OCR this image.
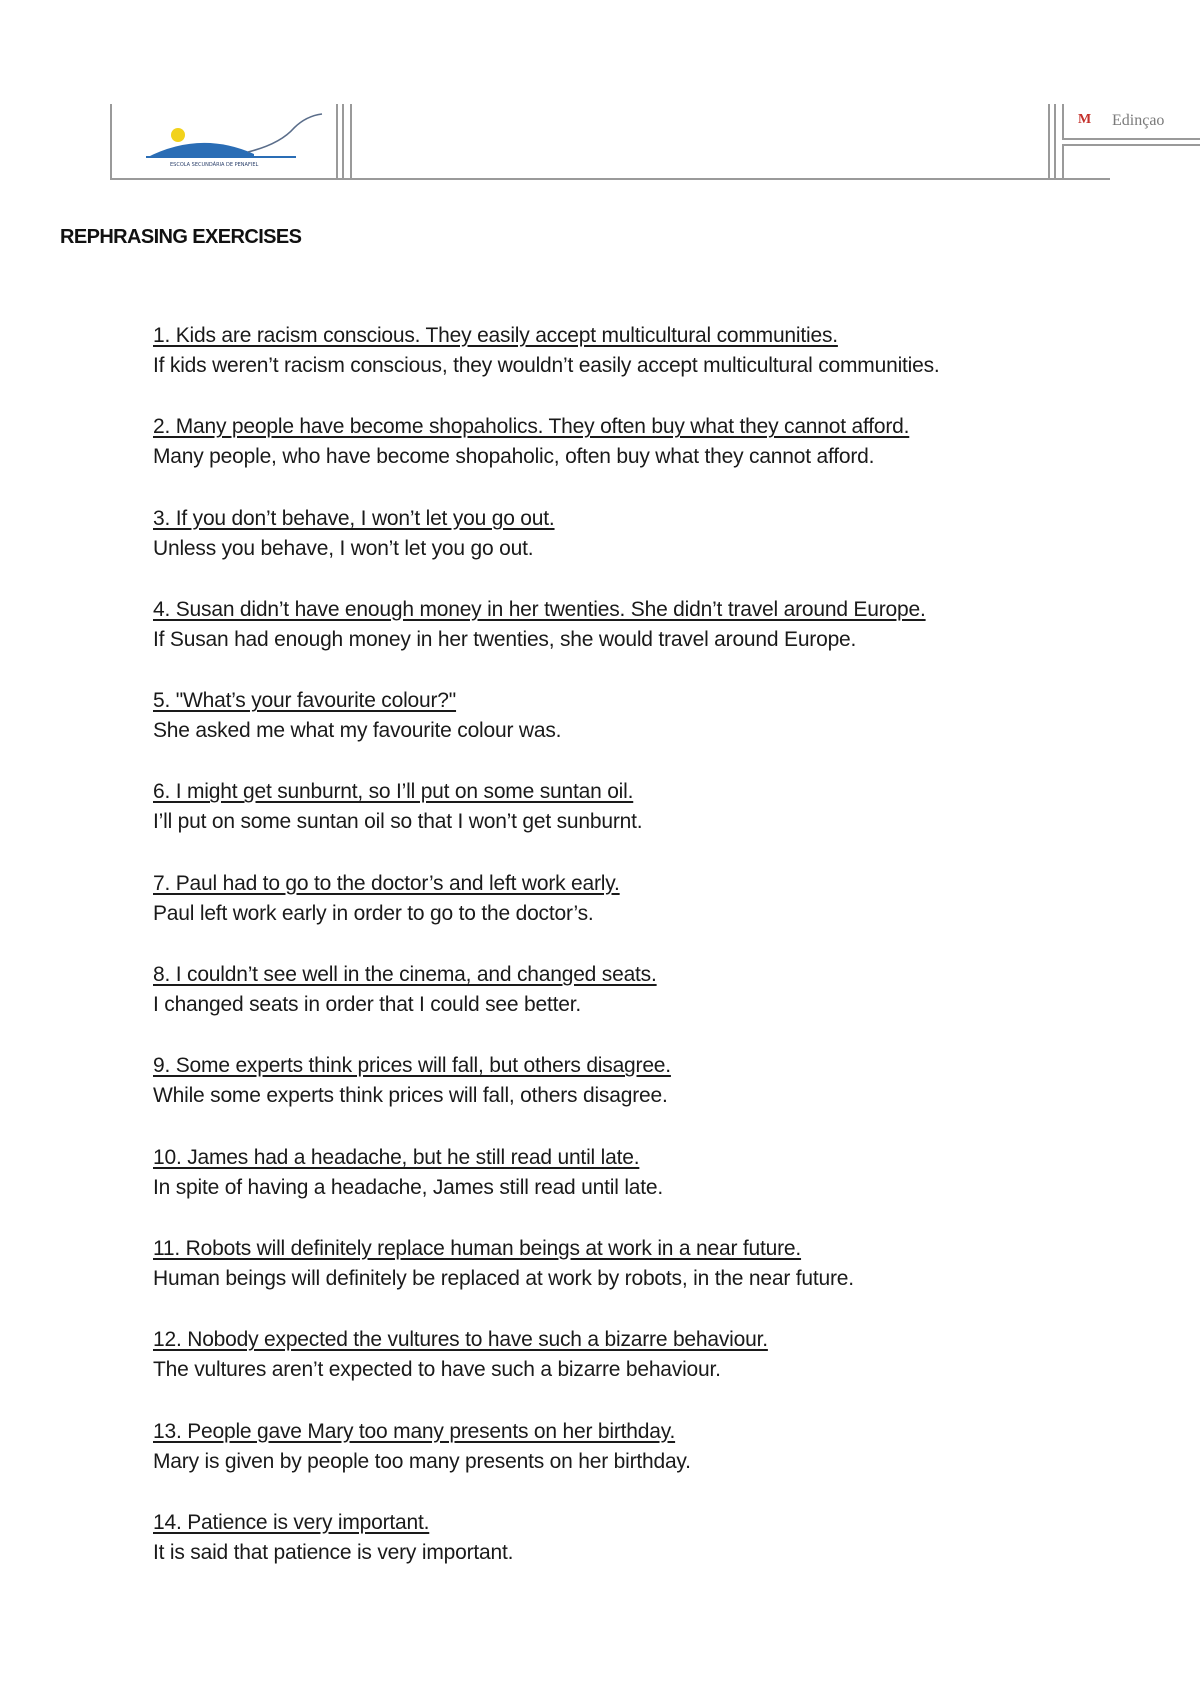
ESCOLA SECUNDÁRIA DE PENAFIEL
M Edinçao
REPHRASING EXERCISES
1. Kids are racism conscious. They easily accept multicultural communities.
If kids weren’t racism conscious, they wouldn’t easily accept multicultural communities.
2. Many people have become shopaholics. They often buy what they cannot afford.
Many people, who have become shopaholic, often buy what they cannot afford.
3. If you don’t behave, I won’t let you go out.
Unless you behave, I won’t let you go out.
4. Susan didn’t have enough money in her twenties. She didn’t travel around Europe.
If Susan had enough money in her twenties, she would travel around Europe.
5. "What’s your favourite colour?"
She asked me what my favourite colour was.
6. I might get sunburnt, so I’ll put on some suntan oil.
I’ll put on some suntan oil so that I won’t get sunburnt.
7. Paul had to go to the doctor’s and left work early.
Paul left work early in order to go to the doctor’s.
8. I couldn’t see well in the cinema, and changed seats.
I changed seats in order that I could see better.
9. Some experts think prices will fall, but others disagree.
While some experts think prices will fall, others disagree.
10. James had a headache, but he still read until late.
In spite of having a headache, James still read until late.
11. Robots will definitely replace human beings at work in a near future.
Human beings will definitely be replaced at work by robots, in the near future.
12. Nobody expected the vultures to have such a bizarre behaviour.
The vultures aren’t expected to have such a bizarre behaviour.
13. People gave Mary too many presents on her birthday.
Mary is given by people too many presents on her birthday.
14. Patience is very important.
It is said that patience is very important.
